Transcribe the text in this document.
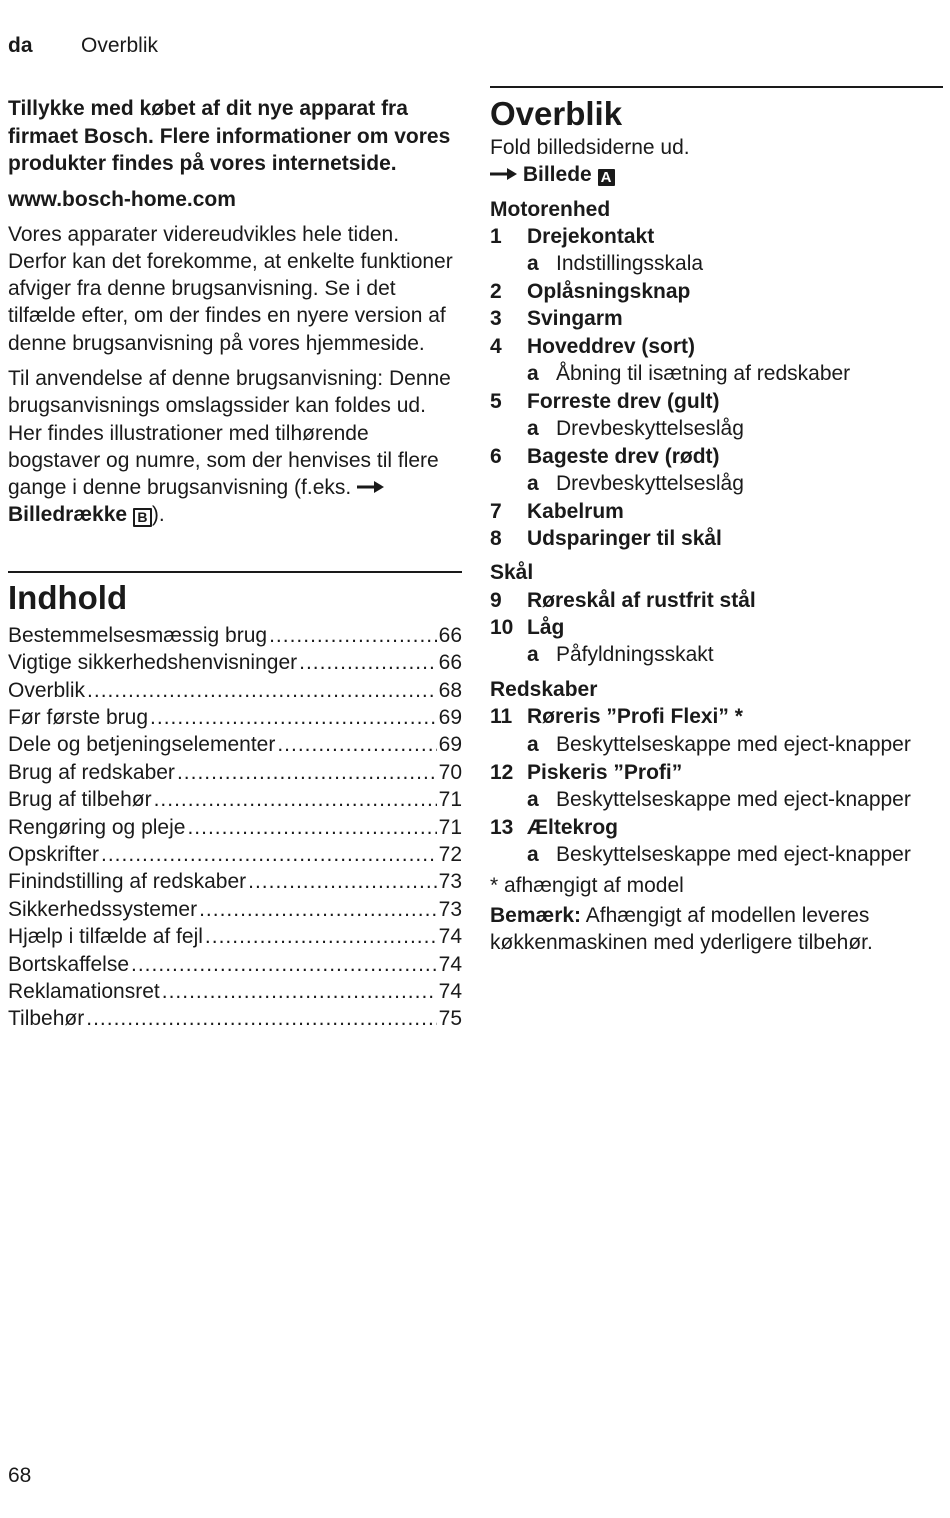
da Overblik

Tillykke med købet af dit nye apparat fra firmaet Bosch. Flere informationer om vores produkter findes på vores internetside.

www.bosch-home.com

Vores apparater videreudvikles hele tiden. Derfor kan det forekomme, at enkelte funktioner afviger fra denne brugsanvisning. Se i det tilfælde efter, om der findes en nyere version af denne brugsanvisning på vores hjemmeside.

Til anvendelse af denne brugsanvisning: Denne brugsanvisnings omslagssider kan foldes ud. Her findes illustrationer med tilhørende bogstaver og numre, som der henvises til flere gange i denne brugsanvisning (f.eks.  Billedrække B ).

Indhold
Bestemmelsesmæssig brug .....	66
Vigtige sikkerhedshenvisninger .....	66
Overblik .....	68
Før første brug .....	69
Dele og betjeningselementer .....	69
Brug af redskaber .....	70
Brug af tilbehør .....	71
Rengøring og pleje .....	71
Opskrifter .....	72
Finindstilling af redskaber .....	73
Sikkerhedssystemer .....	73
Hjælp i tilfælde af fejl .....	74
Bortskaffelse .....	74
Reklamationsret .....	74
Tilbehør .....	75
Overblik

Fold billedsiderne ud.

Billede A

Motorenhed
1	Drejekontakt
a Indstillingsskala
2	Oplåsningsknap
3	Svingarm
4	Hoveddrev (sort)
a Åbning til isætning af redskaber
5	Forreste drev (gult)
a Drevbeskyttelseslåg
6	Bageste drev (rødt)
a Drevbeskyttelseslåg
7	Kabelrum
8	Udsparinger til skål
Skål
9	Røreskål af rustfrit stål
10 Låg
a Påfyldningsskakt
Redskaber
11 Røreris ”Profi Flexi” *
a Beskyttelseskappe med eject-knapper
12 Piskeris ”Profi”
a Beskyttelseskappe med eject-knapper
13 Æltekrog
a Beskyttelseskappe med eject-knapper

* afhængigt af model

Bemærk: Afhængigt af modellen leveres køkkenmaskinen med yderligere tilbehør.

68
